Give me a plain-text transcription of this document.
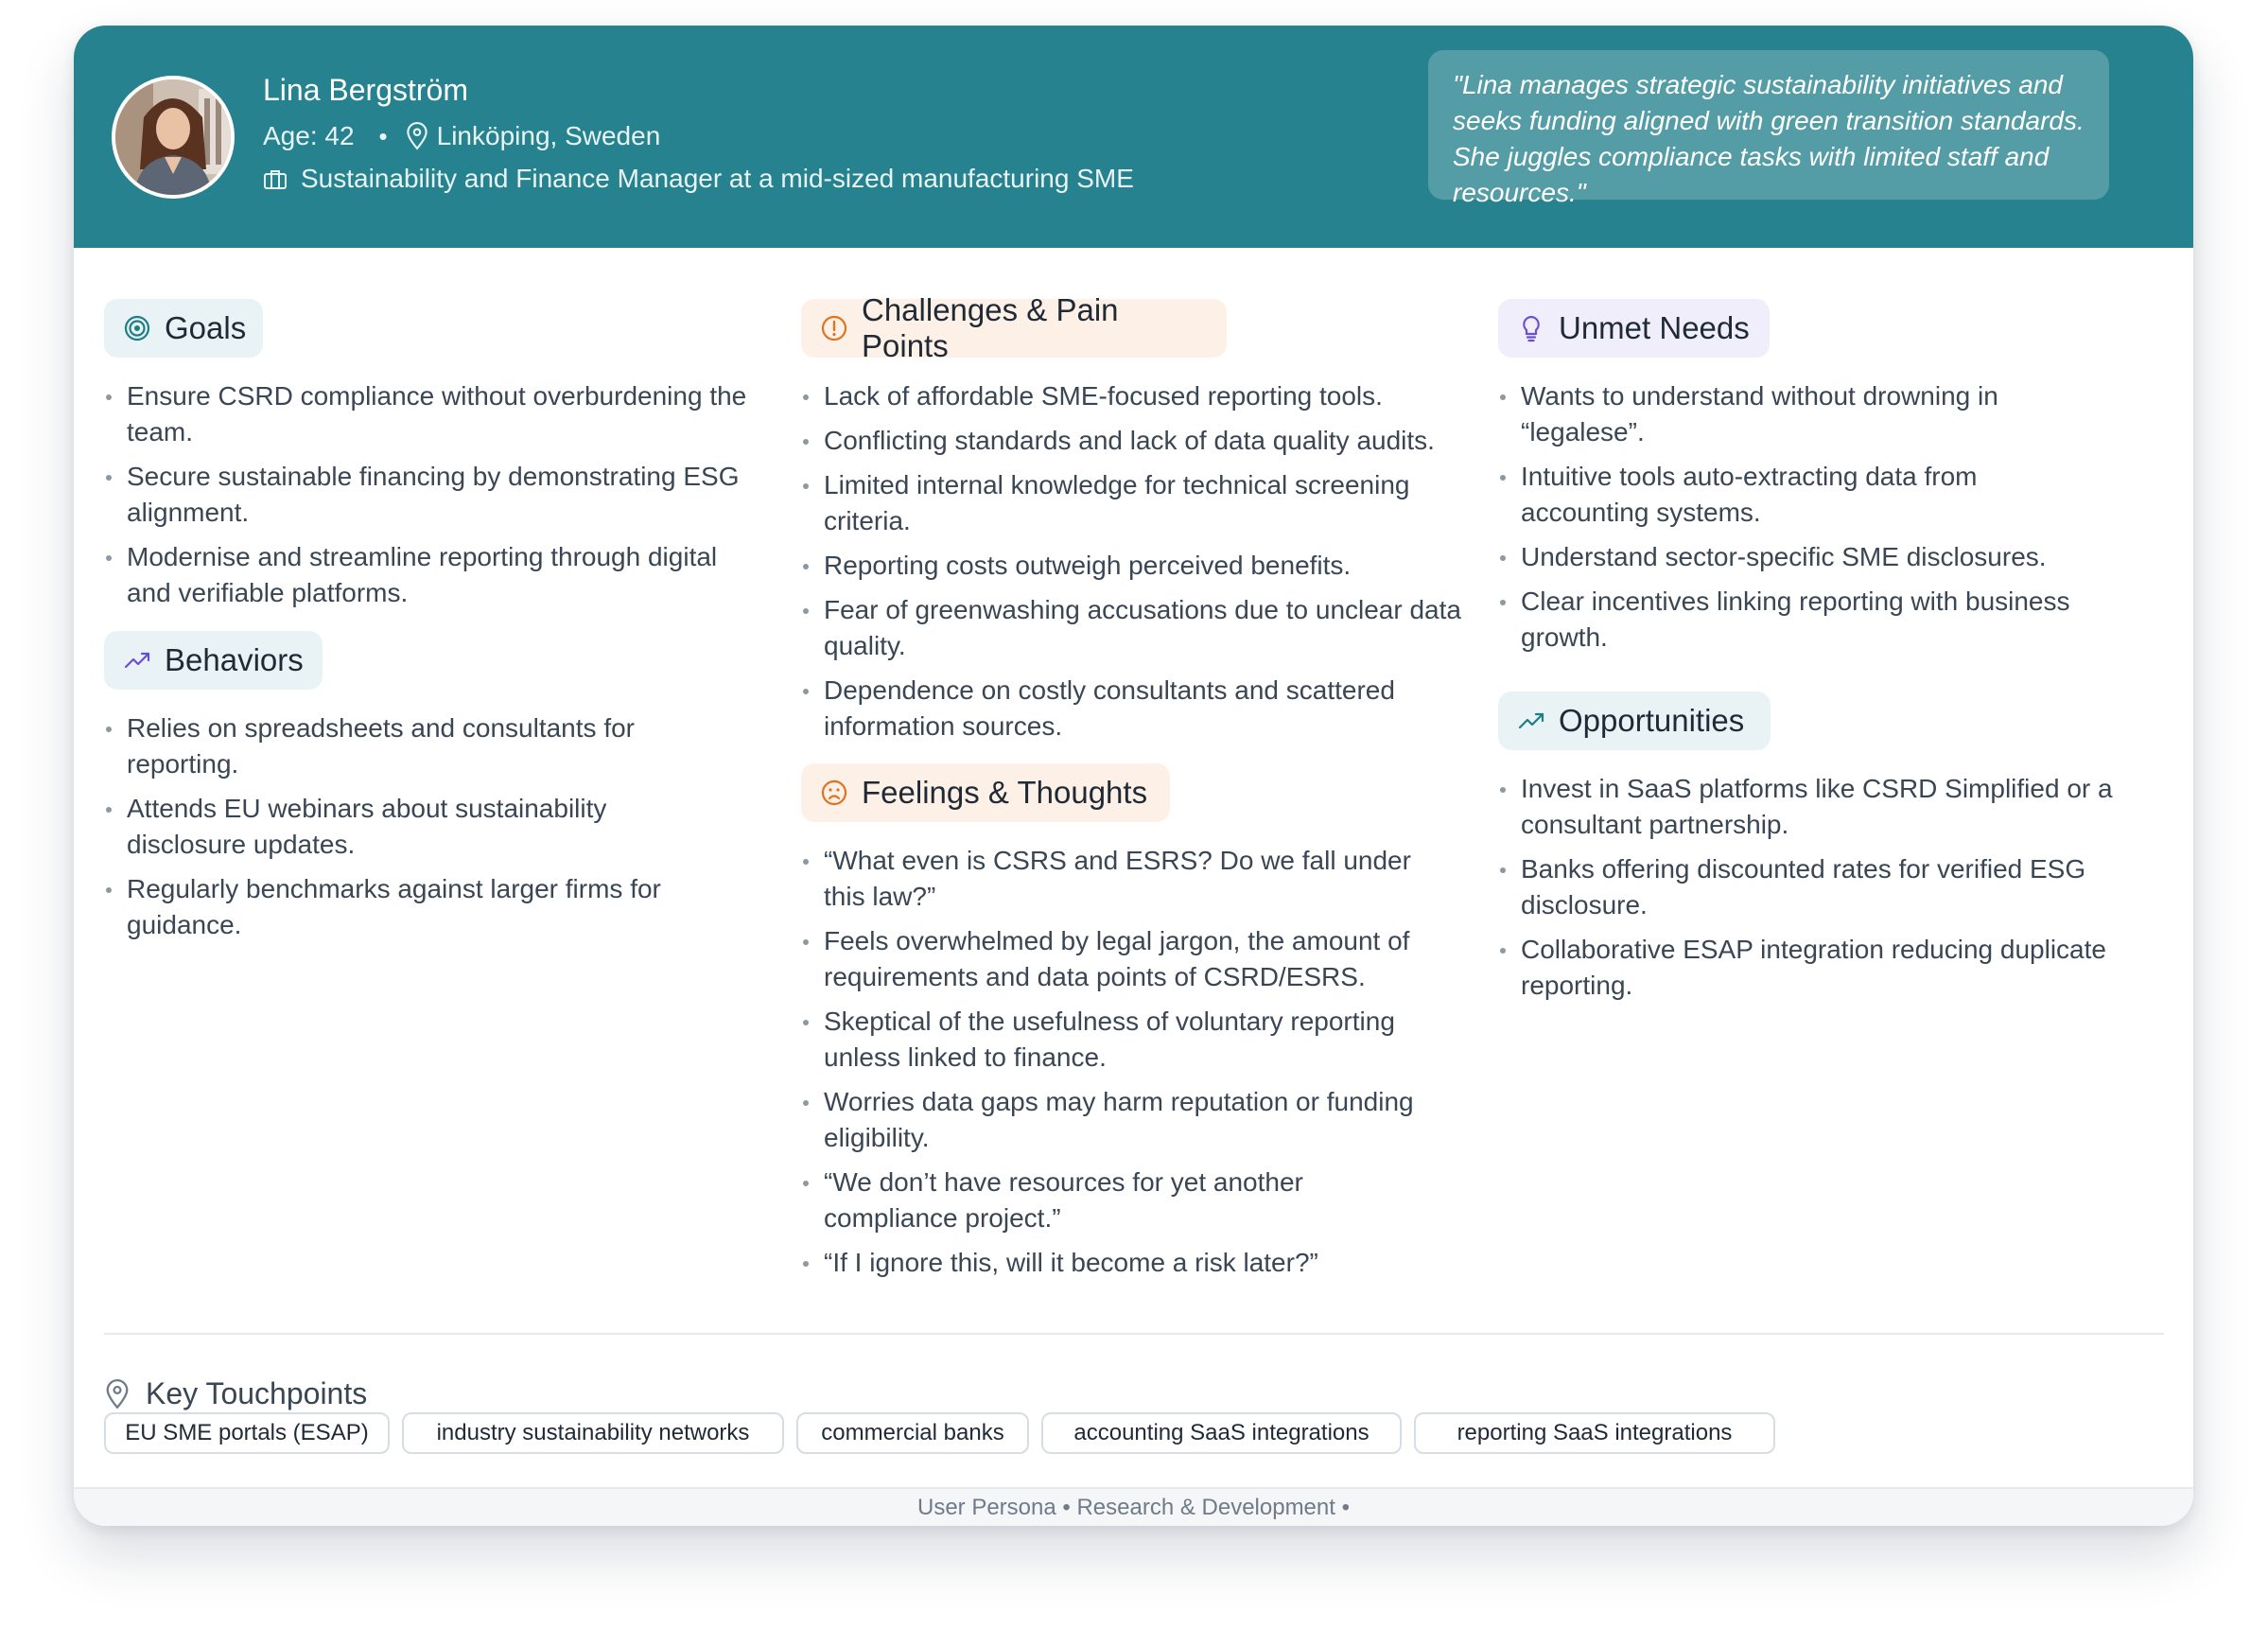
Lina Bergström
Age: 42 • Linköping, Sweden
Sustainability and Finance Manager at a mid-sized manufacturing SME
"Lina manages strategic sustainability initiatives and seeks funding aligned with green transition standards. She juggles compliance tasks with limited staff and resources."
Goals
Ensure CSRD compliance without overburdening the team.
Secure sustainable financing by demonstrating ESG alignment.
Modernise and streamline reporting through digital and verifiable platforms.
Behaviors
Relies on spreadsheets and consultants for reporting.
Attends EU webinars about sustainability disclosure updates.
Regularly benchmarks against larger firms for guidance.
Challenges & Pain Points
Lack of affordable SME-focused reporting tools.
Conflicting standards and lack of data quality audits.
Limited internal knowledge for technical screening criteria.
Reporting costs outweigh perceived benefits.
Fear of greenwashing accusations due to unclear data quality.
Dependence on costly consultants and scattered information sources.
Feelings & Thoughts
“What even is CSRS and ESRS? Do we fall under this law?”
Feels overwhelmed by legal jargon, the amount of requirements and data points of CSRD/ESRS.
Skeptical of the usefulness of voluntary reporting unless linked to finance.
Worries data gaps may harm reputation or funding eligibility.
“We don’t have resources for yet another compliance project.”
“If I ignore this, will it become a risk later?”
Unmet Needs
Wants to understand without drowning in “legalese”.
Intuitive tools auto-extracting data from accounting systems.
Understand sector-specific SME disclosures.
Clear incentives linking reporting with business growth.
Opportunities
Invest in SaaS platforms like CSRD Simplified or a consultant partnership.
Banks offering discounted rates for verified ESG disclosure.
Collaborative ESAP integration reducing duplicate reporting.
Key Touchpoints
EU SME portals (ESAP)	industry sustainability networks	commercial banks	accounting SaaS integrations	reporting SaaS integrations
User Persona • Research & Development •
